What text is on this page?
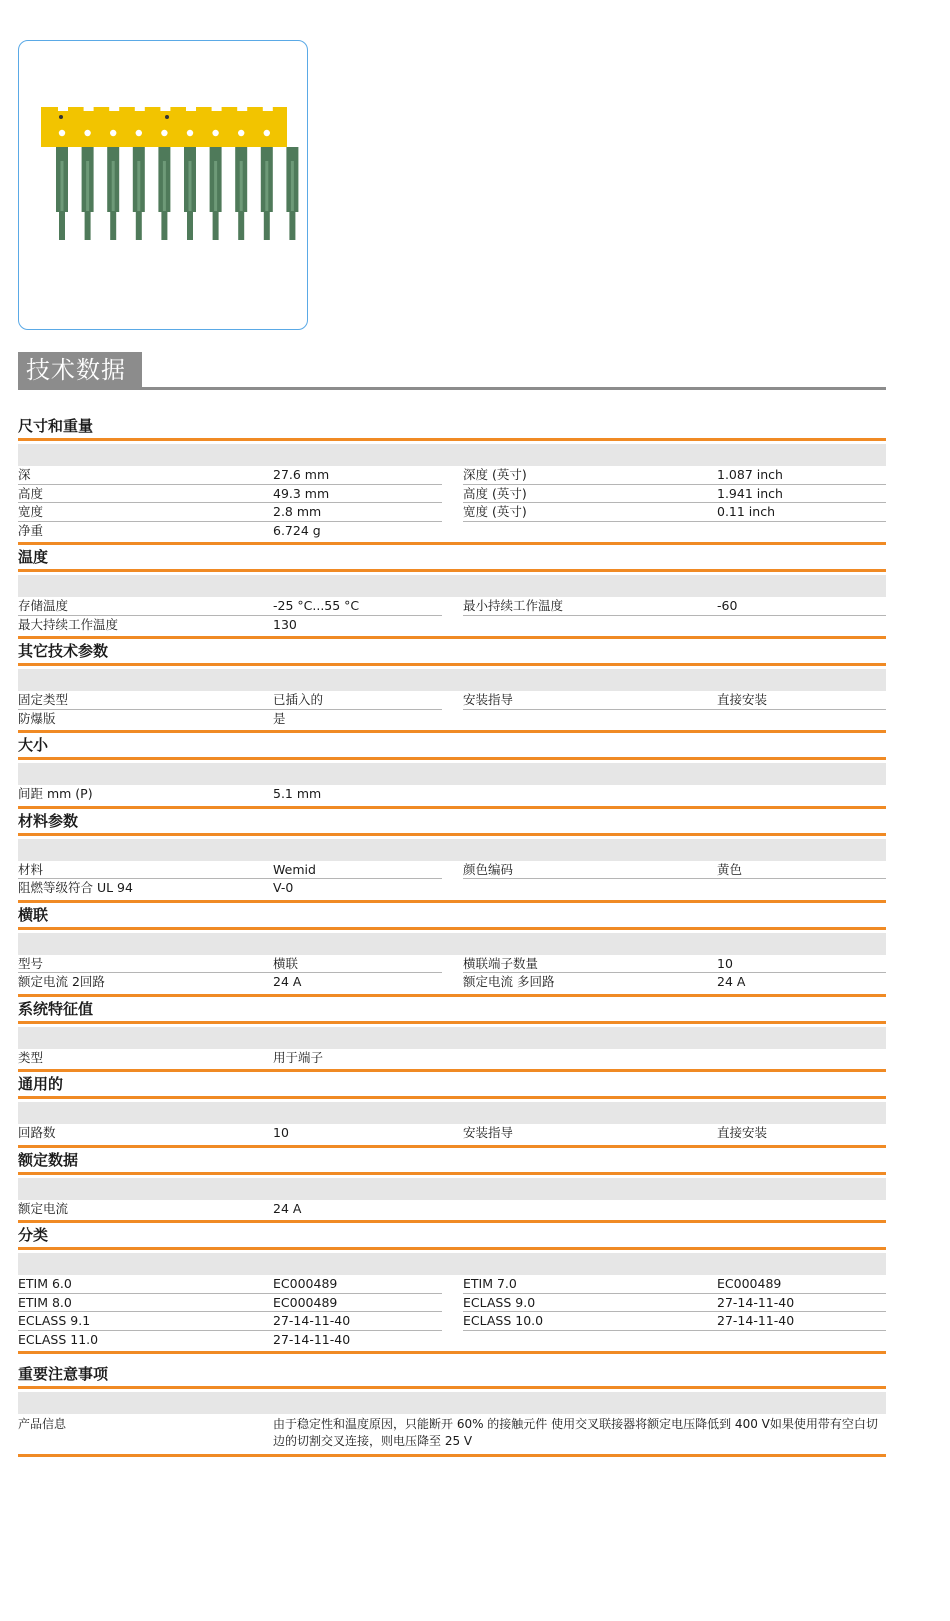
技术数据
尺寸和重量
深	27.6 mm	深度 (英寸)	1.087 inch
高度	49.3 mm	高度 (英寸)	1.941 inch
宽度	2.8 mm	宽度 (英寸)	0.11 inch
净重	6.724 g
温度
存储温度	-25 °C...55 °C	最小持续工作温度	-60
最大持续工作温度	130
其它技术参数
固定类型	已插入的	安装指导	直接安装
防爆版	是
大小
间距 mm (P)	5.1 mm
材料参数
材料	Wemid	颜色编码	黄色
阻燃等级符合 UL 94	V-0
横联
型号	横联	横联端子数量	10
额定电流 2回路	24 A	额定电流 多回路	24 A
系统特征值
类型	用于端子
通用的
回路数	10	安装指导	直接安装
额定数据
额定电流	24 A
分类
ETIM 6.0	EC000489	ETIM 7.0	EC000489
ETIM 8.0	EC000489	ECLASS 9.0	27-14-11-40
ECLASS 9.1	27-14-11-40	ECLASS 10.0	27-14-11-40
ECLASS 11.0	27-14-11-40
重要注意事项
产品信息	由于稳定性和温度原因，只能断开 60% 的接触元件 使用交叉联接器将额定电压降低到 400 V如果使用带有空白切边的切割交叉连接，则电压降至 25 V
